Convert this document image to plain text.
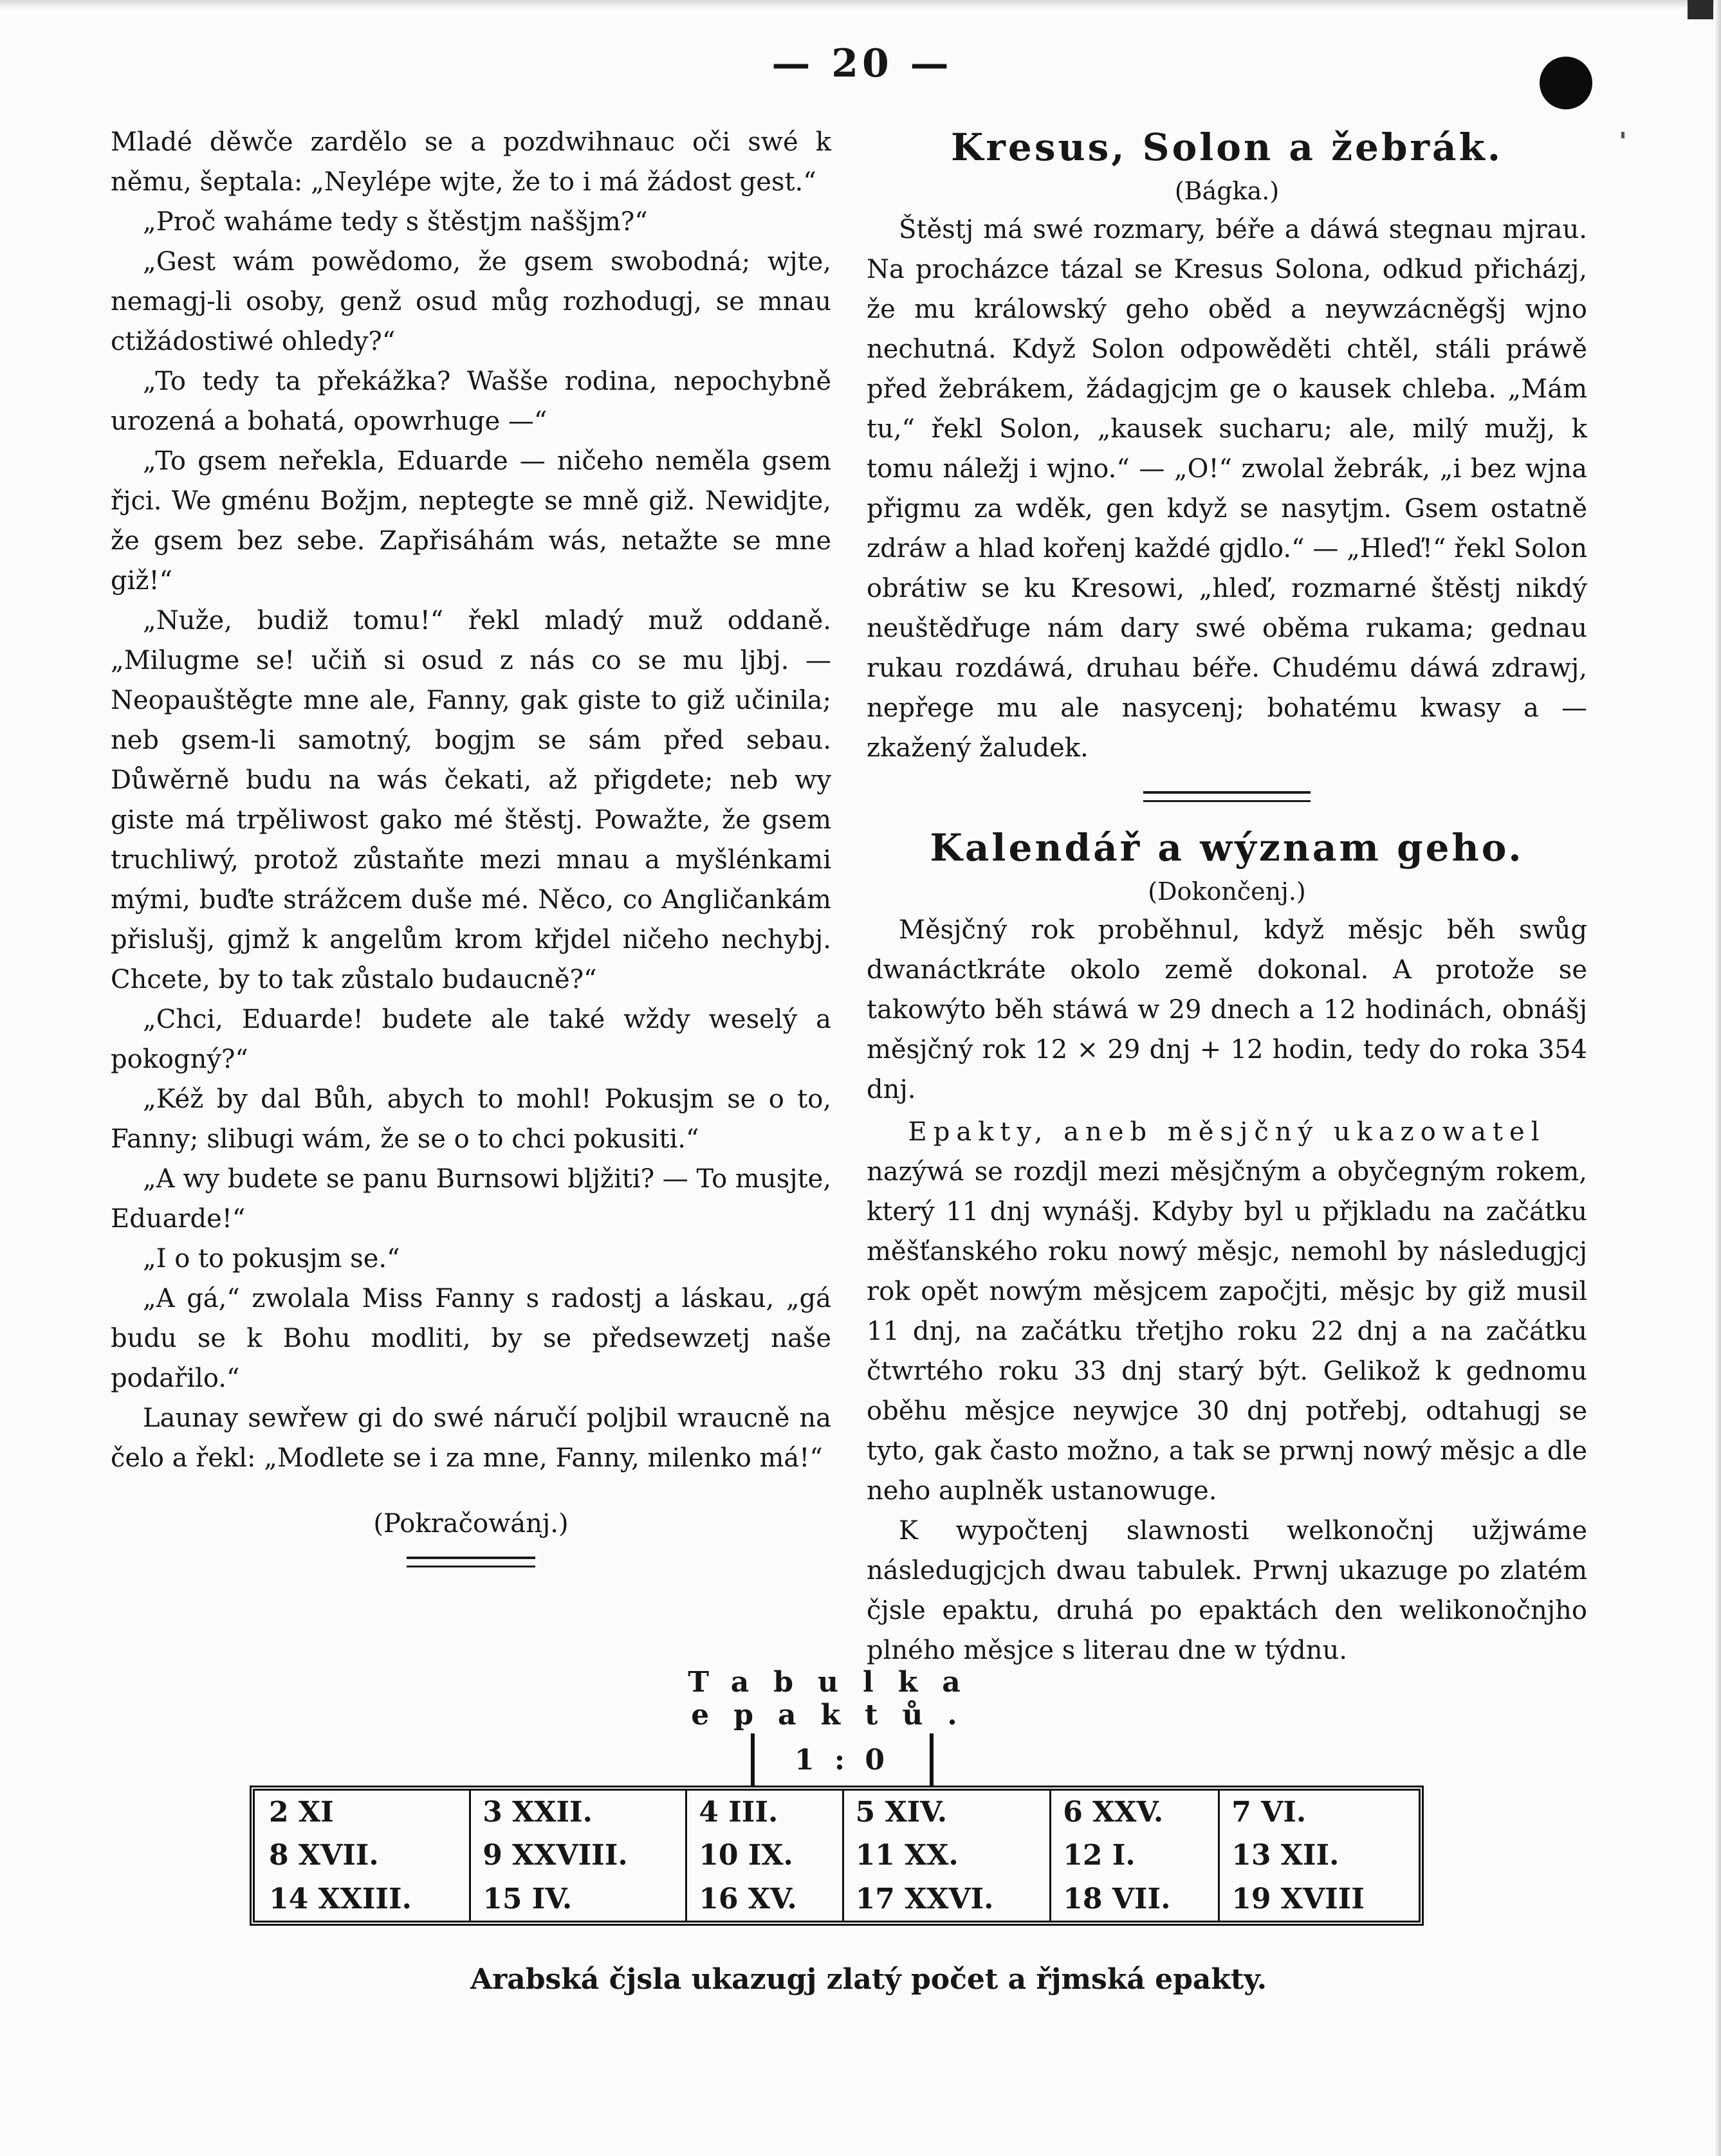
— 20 —

Mladé děwče zardělo se a pozdwihnauc oči swé k němu, šeptala: „Neylépe wjte, že to i má žádost gest.“

„Proč waháme tedy s štěstjm naššjm?“

„Gest wám powědomo, že gsem swobodná; wjte, nemagj-li osoby, genž osud můg rozhodugj, se mnau ctižádostiwé ohledy?“

„To tedy ta překážka? Wašše rodina, nepochybně urozená a bohatá, opowrhuge —“

„To gsem neřekla, Eduarde — ničeho neměla gsem řjci. We gménu Božjm, neptegte se mně giž. Newidjte, že gsem bez sebe. Zapřisáhám wás, netažte se mne giž!“

„Nuže, budiž tomu!“ řekl mladý muž oddaně. „Milugme se! učiň si osud z nás co se mu ljbj. — Neopauštěgte mne ale, Fanny, gak giste to giž učinila; neb gsem-li samotný, bogjm se sám před sebau. Důwěrně budu na wás čekati, až přigdete; neb wy giste má trpěliwost gako mé štěstj. Powažte, že gsem truchliwý, protož zůstaňte mezi mnau a myšlénkami mými, buďte strážcem duše mé. Něco, co Angličankám přislušj, gjmž k angelům krom křjdel ničeho nechybj. Chcete, by to tak zůstalo budaucně?“

„Chci, Eduarde! budete ale také wždy weselý a pokogný?“

„Kéž by dal Bůh, abych to mohl! Pokusjm se o to, Fanny; slibugi wám, že se o to chci pokusiti.“

„A wy budete se panu Burnsowi bljžiti? — To musjte, Eduarde!“

„I o to pokusjm se.“

„A gá,“ zwolala Miss Fanny s radostj a láskau, „gá budu se k Bohu modliti, by se předsewzetj naše podařilo.“

Launay sewřew gi do swé náručí poljbil wraucně na čelo a řekl: „Modlete se i za mne, Fanny, milenko má!“

(Pokračowánj.)
Kresus, Solon a žebrák.
(Bágka.)

Štěstj má swé rozmary, béře a dáwá stegnau mjrau. Na procházce tázal se Kresus Solona, odkud přicházj, že mu králowský geho oběd a neywzácněgšj wjno nechutná. Když Solon odpowěděti chtěl, stáli práwě před žebrákem, žádagjcjm ge o kausek chleba. „Mám tu,“ řekl Solon, „kausek sucharu; ale, milý mužj, k tomu náležj i wjno.“ — „O!“ zwolal žebrák, „i bez wjna přigmu za wděk, gen když se nasytjm. Gsem ostatně zdráw a hlad kořenj každé gjdlo.“ — „Hleď!“ řekl Solon obrátiw se ku Kresowi, „hleď, rozmarné štěstj nikdý neuštědřuge nám dary swé oběma rukama; gednau rukau rozdáwá, druhau béře. Chudému dáwá zdrawj, nepřege mu ale nasycenj; bohatému kwasy a — zkažený žaludek.

Kalendář a wýznam geho.
(Dokončenj.)

Měsjčný rok proběhnul, když měsjc běh swůg dwanáctkráte okolo země dokonal. A protože se takowýto běh stáwá w 29 dnech a 12 hodinách, obnášj měsjčný rok 12 × 29 dnj + 12 hodin, tedy do roka 354 dnj.

Epakty, aneb měsjčný ukazowatel

nazýwá se rozdjl mezi měsjčným a obyčegným rokem, který 11 dnj wynášj. Kdyby byl u přjkladu na začátku měšťanského roku nowý měsjc, nemohl by následugjcj rok opět nowým měsjcem započjti, měsjc by giž musil 11 dnj, na začátku třetjho roku 22 dnj a na začátku čtwrtého roku 33 dnj starý být. Gelikož k gednomu oběhu měsjce neywjce 30 dnj potřebj, odtahugj se tyto, gak často možno, a tak se prwnj nowý měsjc a dle neho auplněk ustanowuge.

K wypočtenj slawnosti welkonočnj užjwáme následugjcjch dwau tabulek. Prwnj ukazuge po zlatém čjsle epaktu, druhá po epaktách den welikonočnjho plného měsjce s literau dne w týdnu.

Tabulka epaktů.
1 : 0
2 XI	3 XXII.	4 III.	5 XIV.	6 XXV.	7 VI.
8 XVII.	9 XXVIII.	10 IX.	11 XX.	12 I.	13 XII.
14 XXIII.	15 IV.	16 XV.	17 XXVI.	18 VII.	19 XVIII
Arabská čjsla ukazugj zlatý počet a řjmská epakty.
